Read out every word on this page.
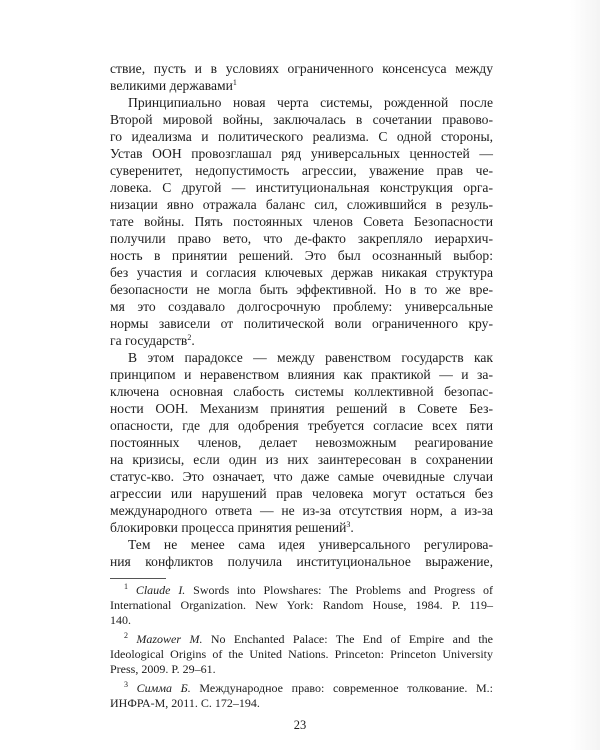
ствие, пусть и в условиях ограниченного консенсуса между
великими державами$^1$
Принципиально новая черта системы, рожденной после
Второй мировой войны, заключалась в сочетании правово-
го идеализма и политического реализма. С одной стороны,
Устав ООН провозглашал ряд универсальных ценностей —
суверенитет, недопустимость агрессии, уважение прав че-
ловека. С другой — институциональная конструкция орга-
низации явно отражала баланс сил, сложившийся в резуль-
тате войны. Пять постоянных членов Совета Безопасности
получили право вето, что де-факто закрепляло иерархич-
ность в принятии решений. Это был осознанный выбор:
без участия и согласия ключевых держав никакая структура
безопасности не могла быть эффективной. Но в то же вре-
мя это создавало долгосрочную проблему: универсальные
нормы зависели от политической воли ограниченного кру-
га государств$^2$.
В этом парадоксе — между равенством государств как
принципом и неравенством влияния как практикой — и за-
ключена основная слабость системы коллективной безопас-
ности ООН. Механизм принятия решений в Совете Без-
опасности, где для одобрения требуется согласие всех пяти
постоянных членов, делает невозможным реагирование
на кризисы, если один из них заинтересован в сохранении
статус-кво. Это означает, что даже самые очевидные случаи
агрессии или нарушений прав человека могут остаться без
международного ответа — не из-за отсутствия норм, а из-за
блокировки процесса принятия решений$^3$.
Тем не менее сама идея универсального регулирова-
ния конфликтов получила институциональное выражение,
$^1$ Claude I. Swords into Plowshares: The Problems and Progress of
International Organization. New York: Random House, 1984. P. 119–
140.
$^2$ Mazower M. No Enchanted Palace: The End of Empire and the
Ideological Origins of the United Nations. Princeton: Princeton University
Press, 2009. P. 29–61.
$^3$ Симма Б. Международное право: современное толкование. М.:
ИНФРА-М, 2011. С. 172–194.
23
